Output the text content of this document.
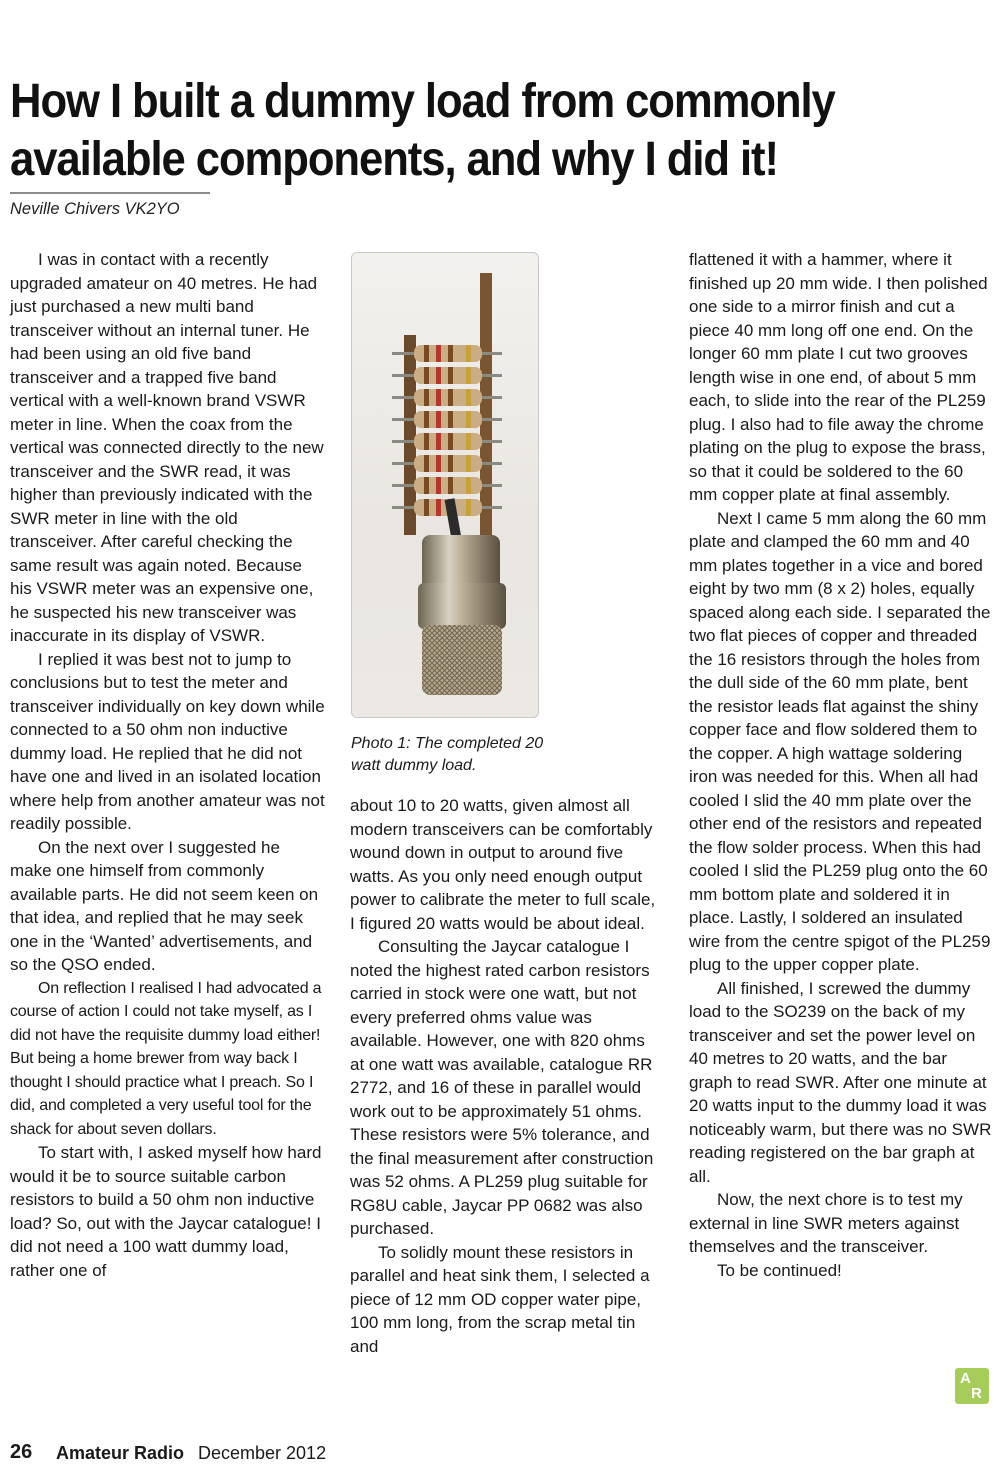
How I built a dummy load from commonly available components, and why I did it!
Neville Chivers VK2YO

I was in contact with a recently upgraded amateur on 40 metres. He had just purchased a new multi band transceiver without an internal tuner. He had been using an old five band transceiver and a trapped five band vertical with a well-known brand VSWR meter in line. When the coax from the vertical was connected directly to the new transceiver and the SWR read, it was higher than previously indicated with the SWR meter in line with the old transceiver. After careful checking the same result was again noted. Because his VSWR meter was an expensive one, he suspected his new transceiver was inaccurate in its display of VSWR.

I replied it was best not to jump to conclusions but to test the meter and transceiver individually on key down while connected to a 50 ohm non inductive dummy load. He replied that he did not have one and lived in an isolated location where help from another amateur was not readily possible.

On the next over I suggested he make one himself from commonly available parts. He did not seem keen on that idea, and replied that he may seek one in the ‘Wanted’ advertisements, and so the QSO ended.

On reflection I realised I had advocated a course of action I could not take myself, as I did not have the requisite dummy load either! But being a home brewer from way back I thought I should practice what I preach. So I did, and completed a very useful tool for the shack for about seven dollars.

To start with, I asked myself how hard would it be to source suitable carbon resistors to build a 50 ohm non inductive load? So, out with the Jaycar catalogue! I did not need a 100 watt dummy load, rather one of

Photo 1: The completed 20 watt dummy load.

about 10 to 20 watts, given almost all modern transceivers can be comfortably wound down in output to around five watts. As you only need enough output power to calibrate the meter to full scale, I figured 20 watts would be about ideal.

Consulting the Jaycar catalogue I noted the highest rated carbon resistors carried in stock were one watt, but not every preferred ohms value was available. However, one with 820 ohms at one watt was available, catalogue RR 2772, and 16 of these in parallel would work out to be approximately 51 ohms. These resistors were 5% tolerance, and the final measurement after construction was 52 ohms. A PL259 plug suitable for RG8U cable, Jaycar PP 0682 was also purchased.

To solidly mount these resistors in parallel and heat sink them, I selected a piece of 12 mm OD copper water pipe, 100 mm long, from the scrap metal tin and

flattened it with a hammer, where it finished up 20 mm wide. I then polished one side to a mirror finish and cut a piece 40 mm long off one end. On the longer 60 mm plate I cut two grooves length wise in one end, of about 5 mm each, to slide into the rear of the PL259 plug. I also had to file away the chrome plating on the plug to expose the brass, so that it could be soldered to the 60 mm copper plate at final assembly.

Next I came 5 mm along the 60 mm plate and clamped the 60 mm and 40 mm plates together in a vice and bored eight by two mm (8 x 2) holes, equally spaced along each side. I separated the two flat pieces of copper and threaded the 16 resistors through the holes from the dull side of the 60 mm plate, bent the resistor leads flat against the shiny copper face and flow soldered them to the copper. A high wattage soldering iron was needed for this. When all had cooled I slid the 40 mm plate over the other end of the resistors and repeated the flow solder process. When this had cooled I slid the PL259 plug onto the 60 mm bottom plate and soldered it in place. Lastly, I soldered an insulated wire from the centre spigot of the PL259 plug to the upper copper plate.

All finished, I screwed the dummy load to the SO239 on the back of my transceiver and set the power level on 40 metres to 20 watts, and the bar graph to read SWR. After one minute at 20 watts input to the dummy load it was noticeably warm, but there was no SWR reading registered on the bar graph at all.

Now, the next chore is to test my external in line SWR meters against themselves and the transceiver.

To be continued!

A
R
26 Amateur Radio December 2012
